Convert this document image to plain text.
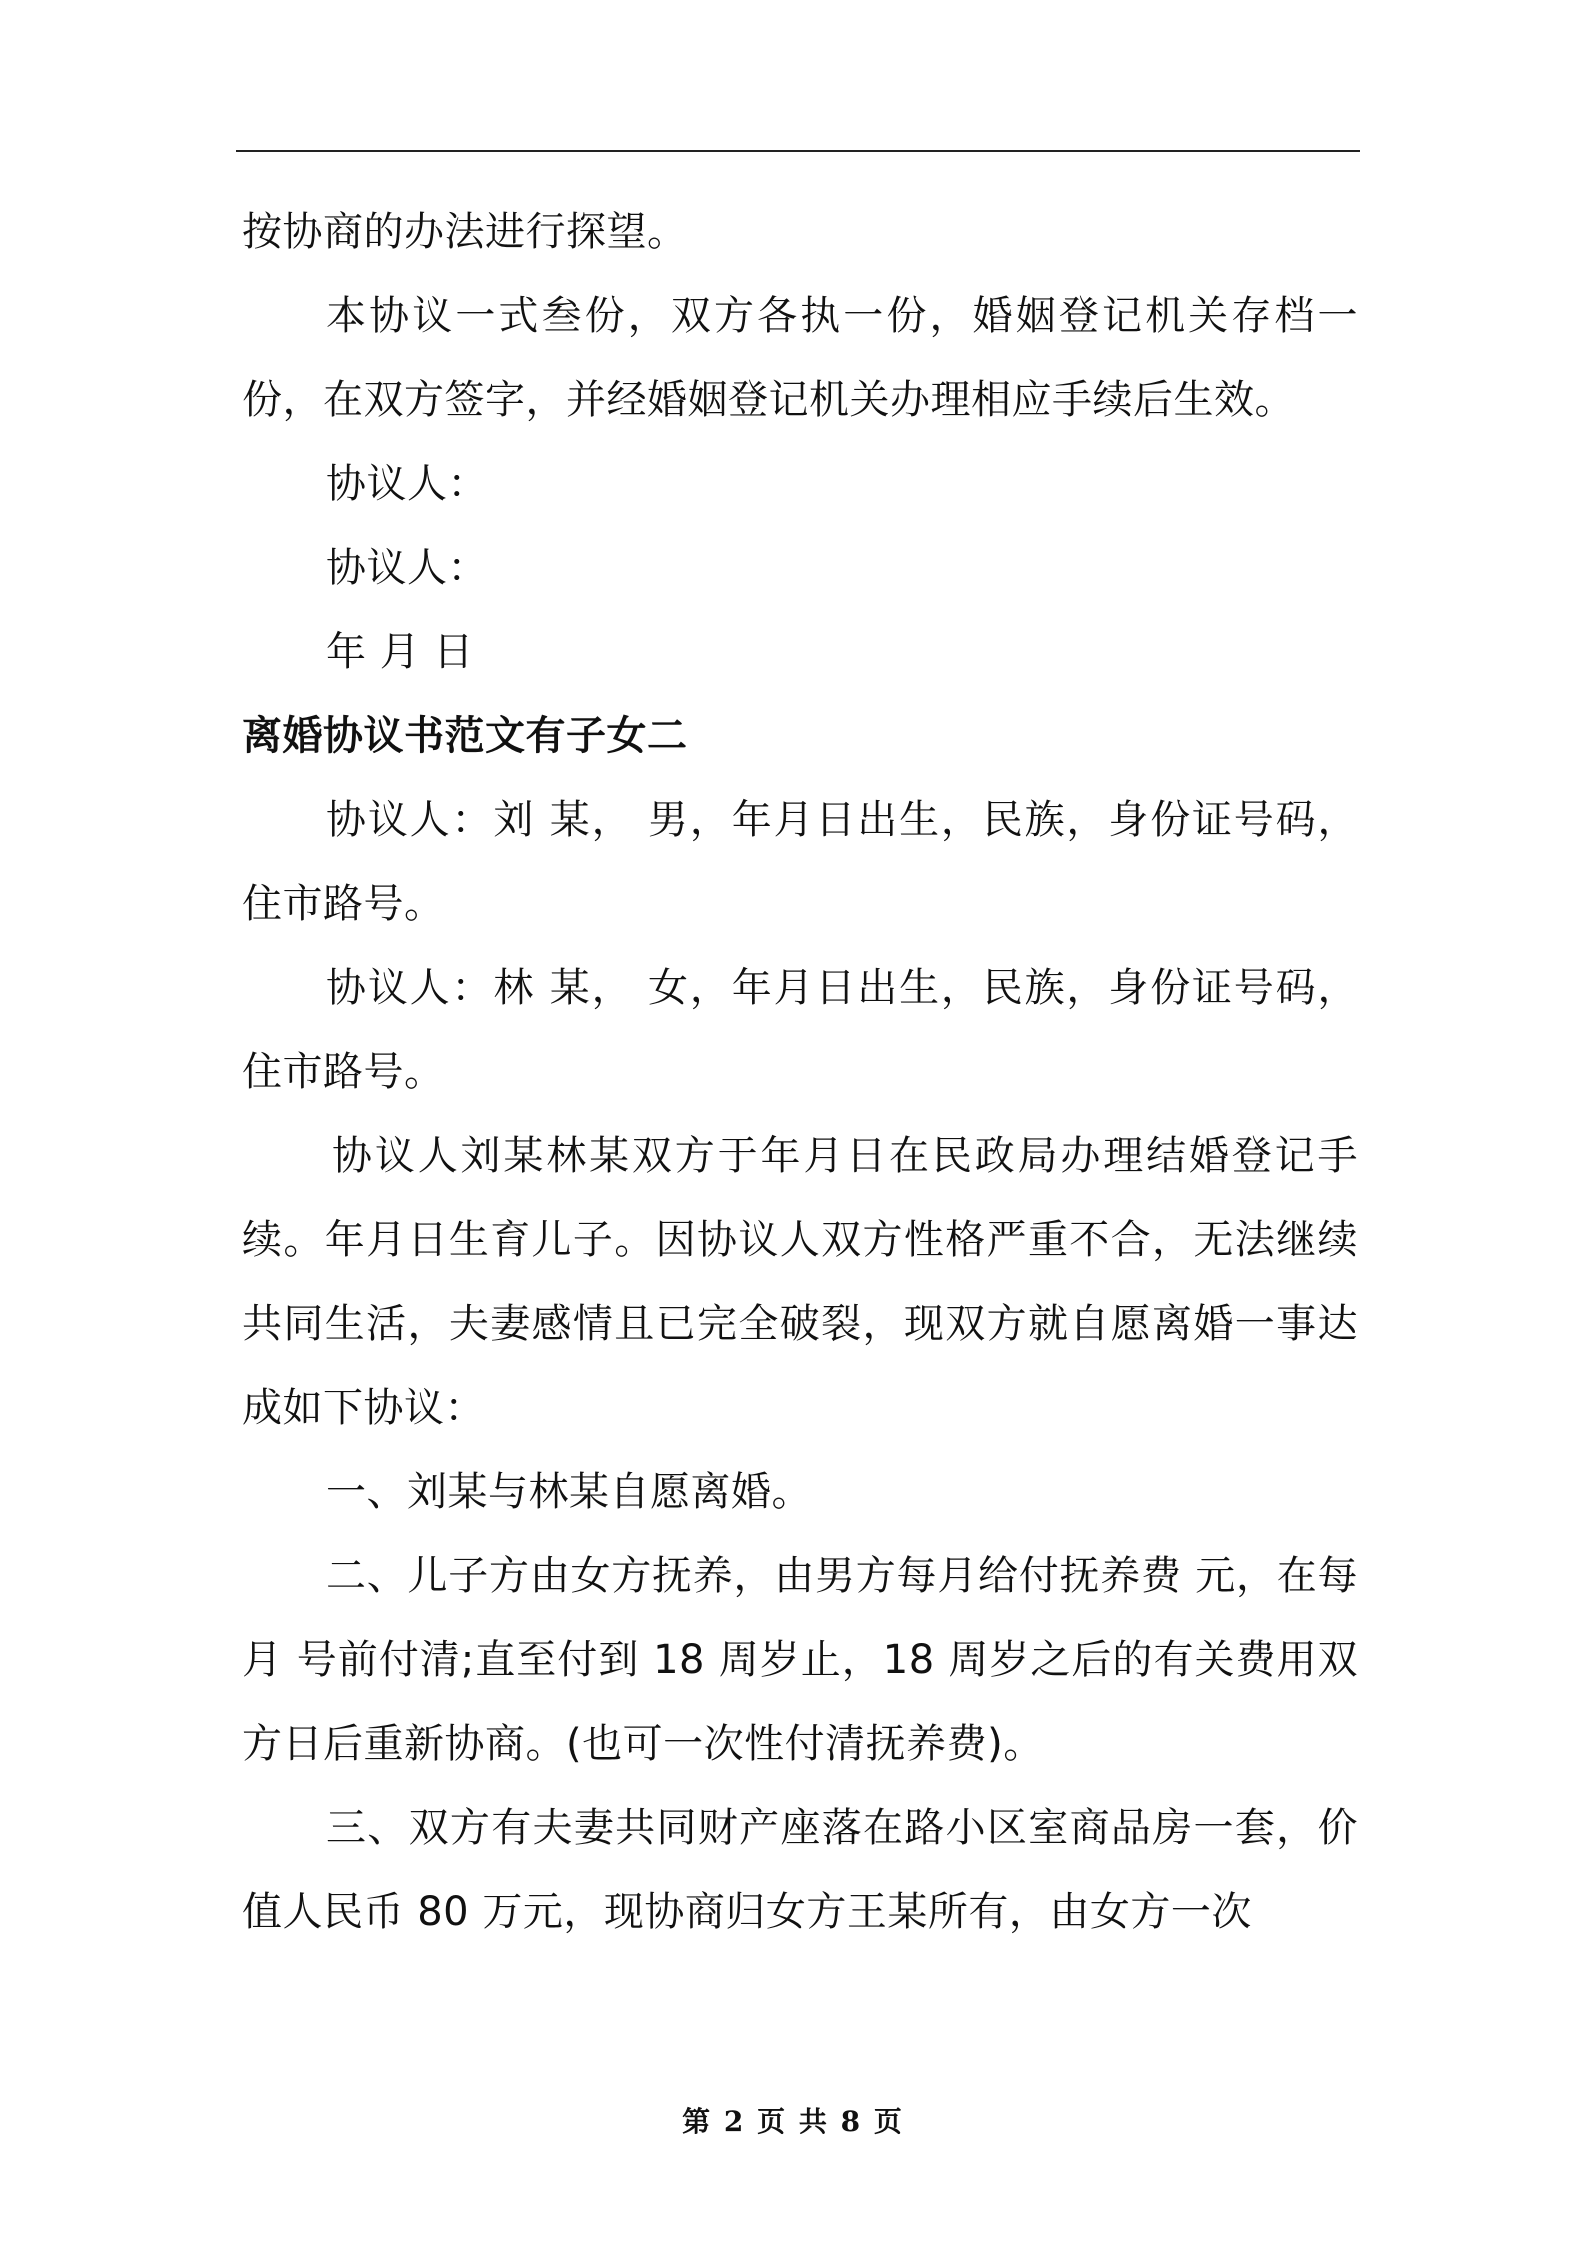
按协商的办法进行探望。

本协议一式叁份，双方各执一份，婚姻登记机关存档一份，在双方签字，并经婚姻登记机关办理相应手续后生效。

协议人：

协议人：

年 月 日

离婚协议书范文有子女二

协议人：刘 某， 男，年月日出生，民族，身份证号码，住市路号。

协议人：林 某， 女，年月日出生，民族，身份证号码，住市路号。

协议人刘某林某双方于年月日在民政局办理结婚登记手续。年月日生育儿子。因协议人双方性格严重不合，无法继续共同生活，夫妻感情且已完全破裂，现双方就自愿离婚一事达成如下协议：

一、刘某与林某自愿离婚。

二、儿子方由女方抚养，由男方每月给付抚养费 元，在每月 号前付清;直至付到 18 周岁止，18 周岁之后的有关费用双方日后重新协商。(也可一次性付清抚养费)。

三、双方有夫妻共同财产座落在路小区室商品房一套，价值人民币 80 万元，现协商归女方王某所有，由女方一次

第 2 页 共 8 页
